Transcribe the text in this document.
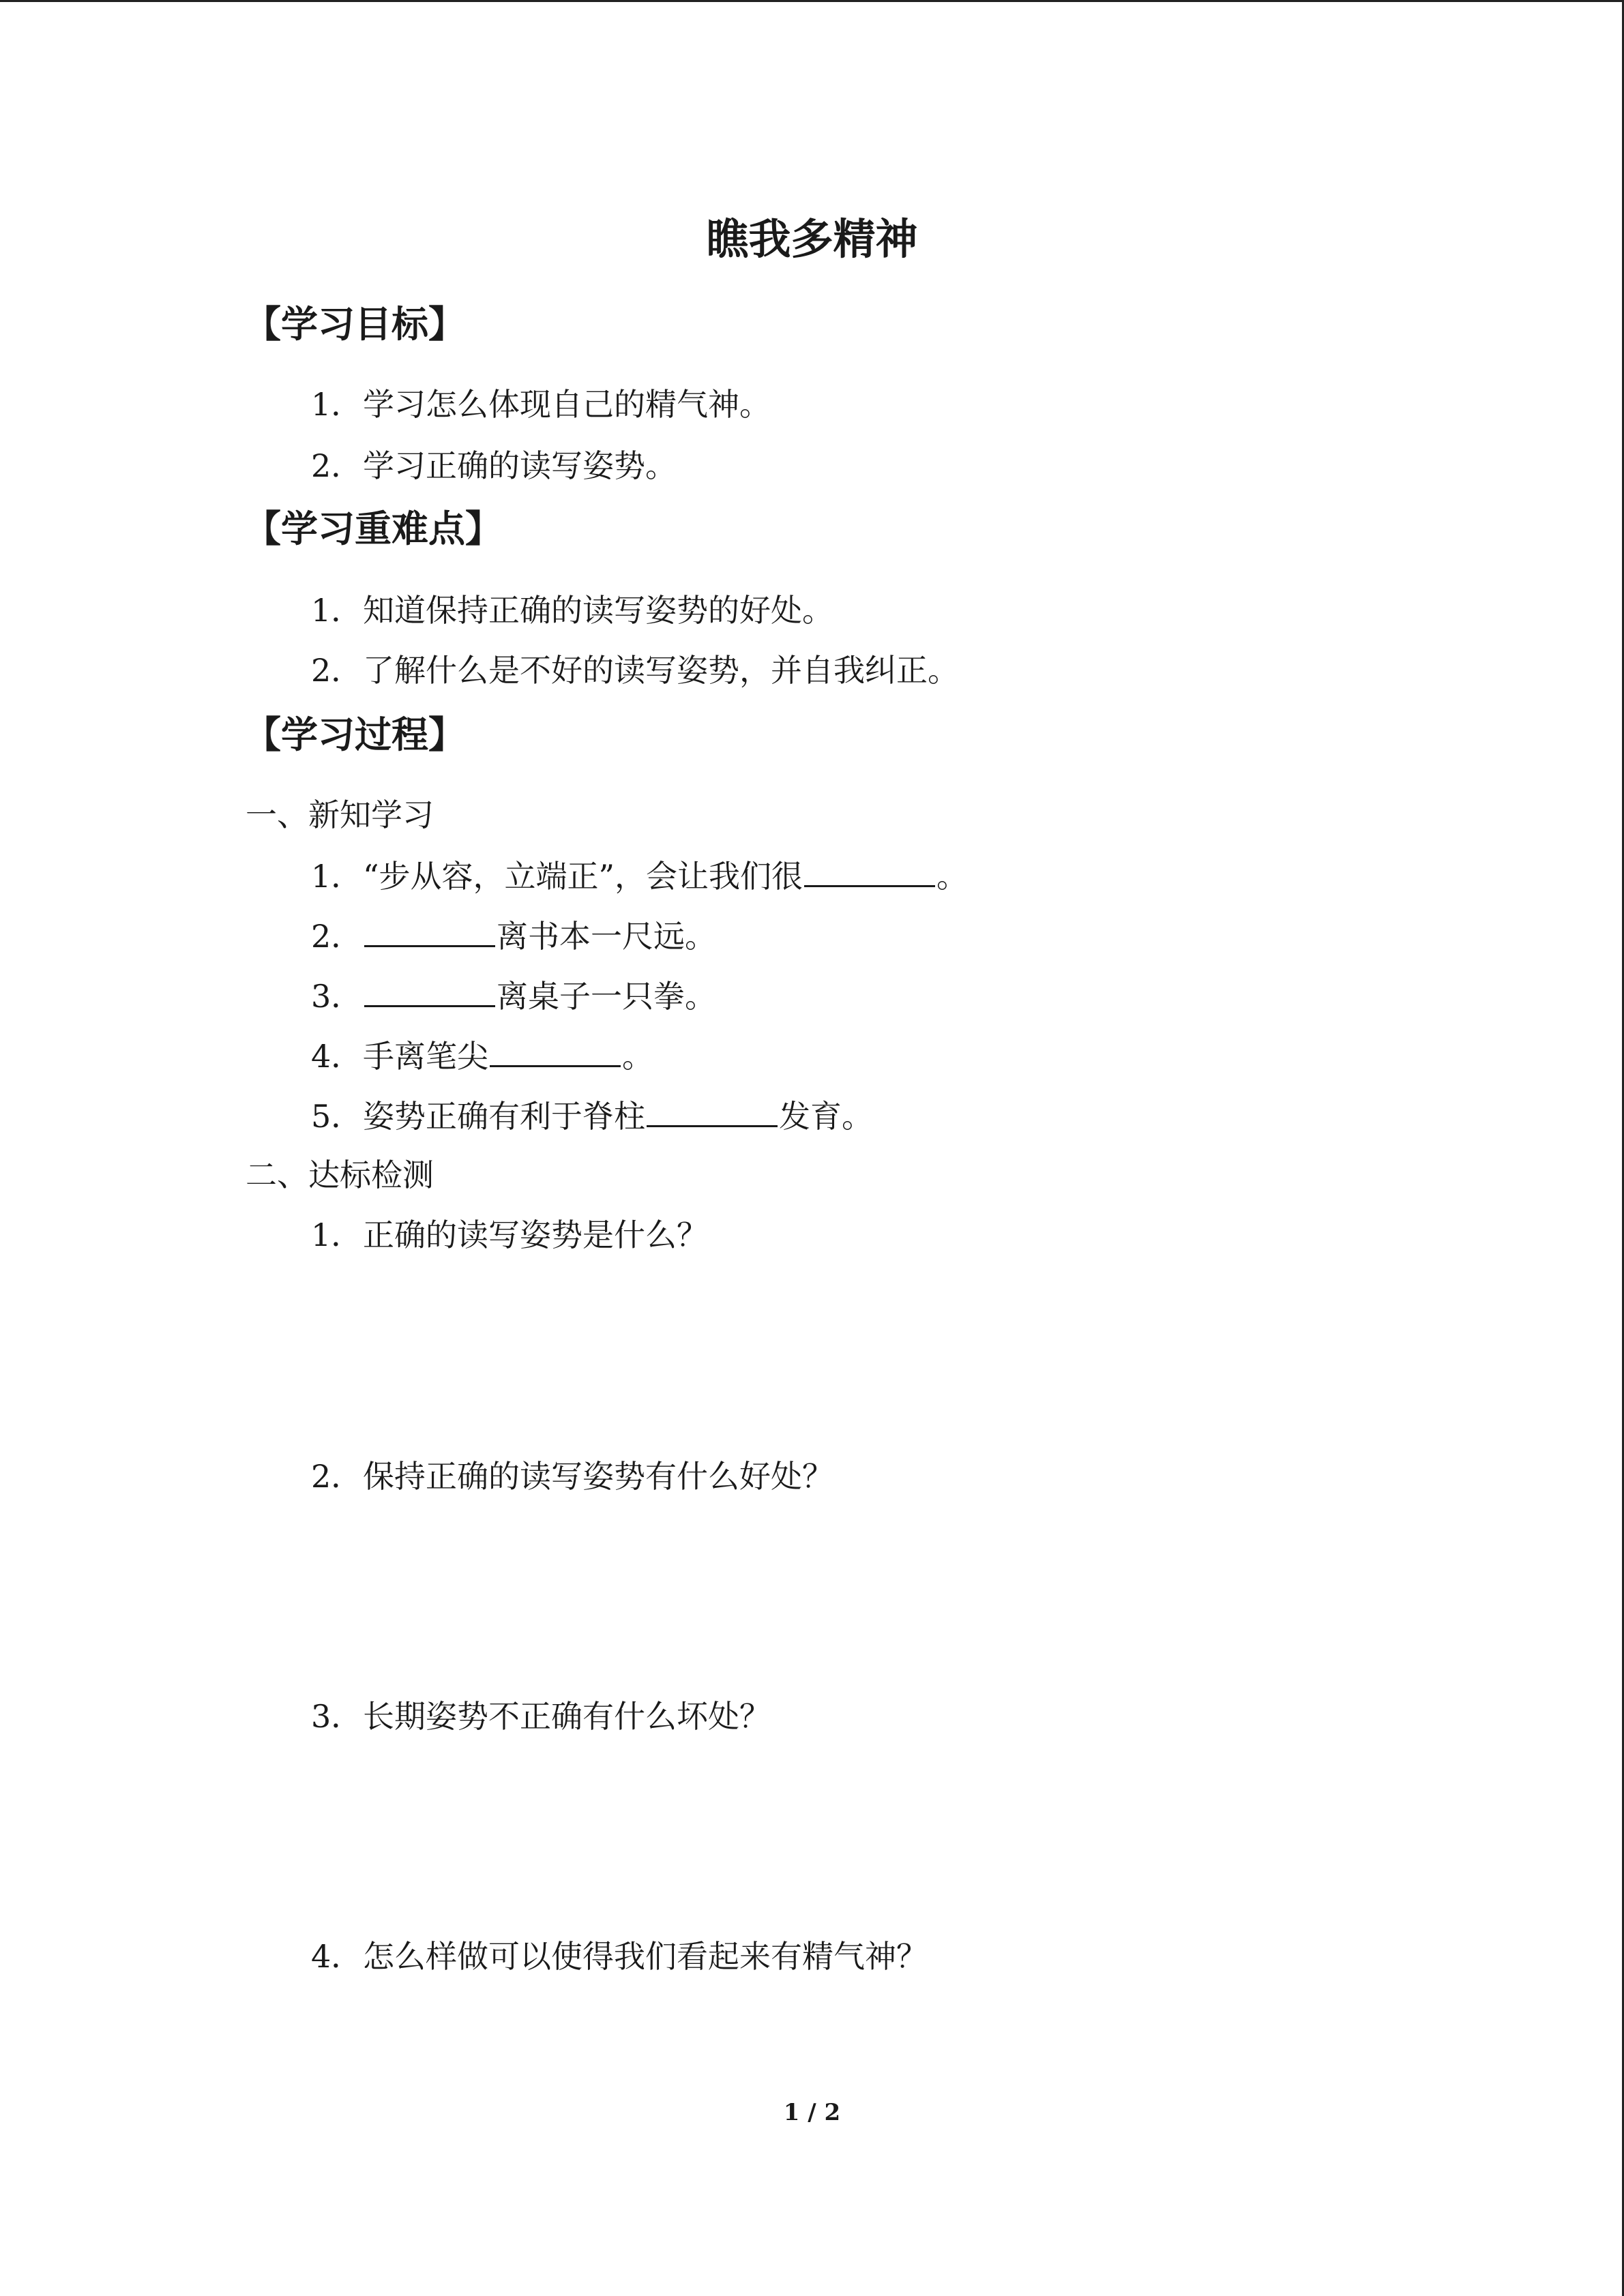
瞧我多精神
【学习目标】
1．学习怎么体现自己的精气神。
2．学习正确的读写姿势。
【学习重难点】
1．知道保持正确的读写姿势的好处。
2．了解什么是不好的读写姿势，并自我纠正。
【学习过程】
一、新知学习
1．“步从容，立端正”，会让我们很	。
2．	离书本一尺远。
3．	离桌子一只拳。
4．手离笔尖	。
5．姿势正确有利于脊柱	发育。
二、达标检测
1．正确的读写姿势是什么？
2．保持正确的读写姿势有什么好处？
3．长期姿势不正确有什么坏处？
4．怎么样做可以使得我们看起来有精气神？
1 / 2
